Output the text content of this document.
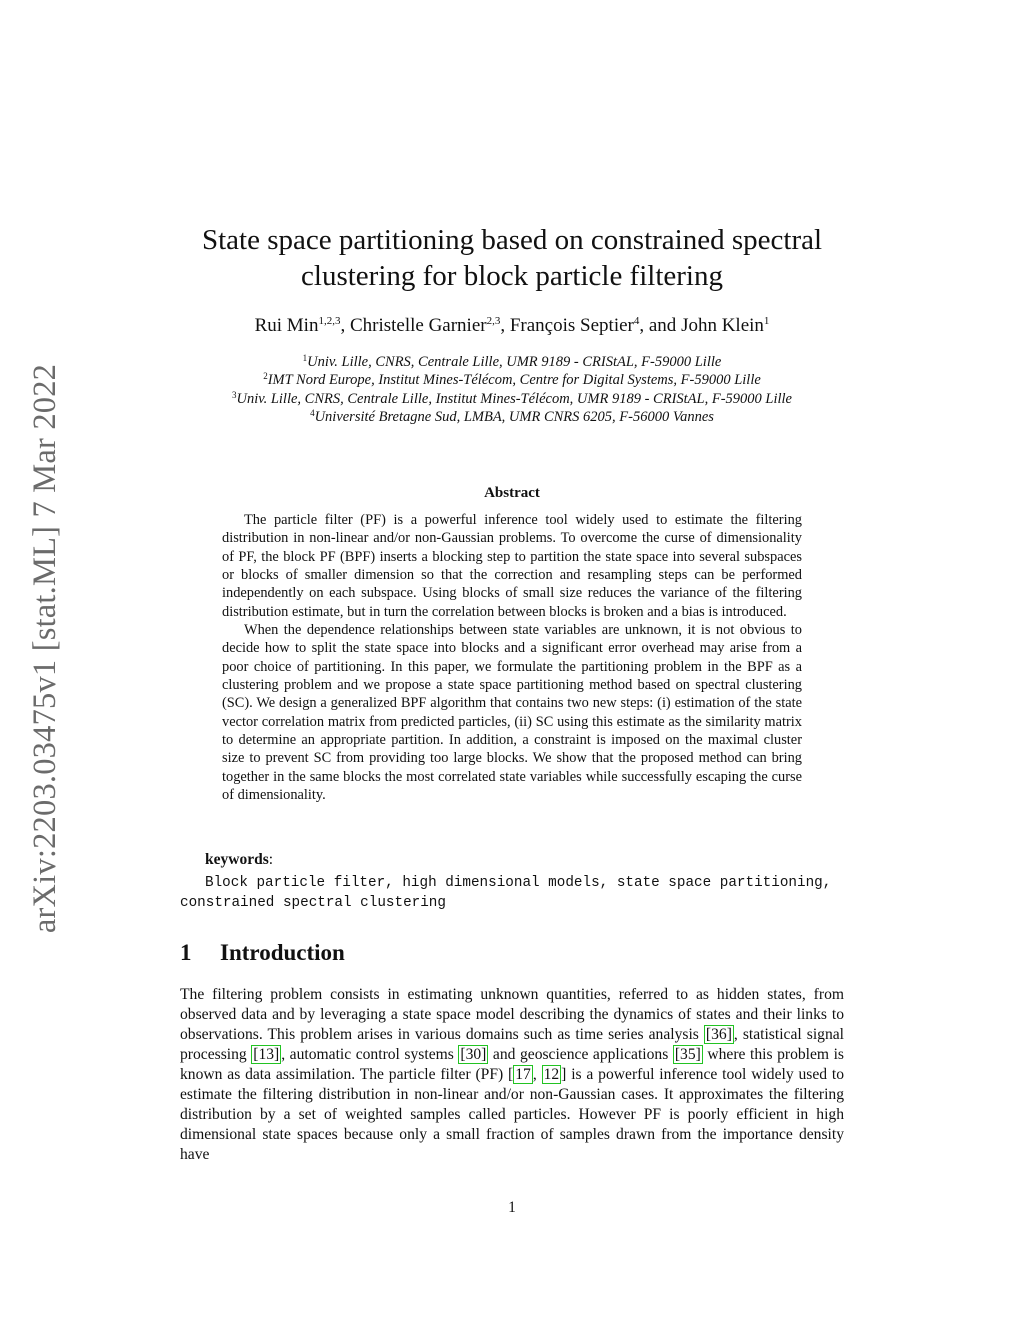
arXiv:2203.03475v1 [stat.ML] 7 Mar 2022
State space partitioning based on constrained spectral clustering for block particle filtering
Rui Min$^{1,2,3}$, Christelle Garnier$^{2,3}$, François Septier$^4$, and John Klein$^1$
$^1$Univ. Lille, CNRS, Centrale Lille, UMR 9189 - CRIStAL, F-59000 Lille
$^2$IMT Nord Europe, Institut Mines-Télécom, Centre for Digital Systems, F-59000 Lille
$^3$Univ. Lille, CNRS, Centrale Lille, Institut Mines-Télécom, UMR 9189 - CRIStAL, F-59000 Lille
$^4$Université Bretagne Sud, LMBA, UMR CNRS 6205, F-56000 Vannes
Abstract

The particle filter (PF) is a powerful inference tool widely used to estimate the filtering distribution in non-linear and/or non-Gaussian problems. To overcome the curse of dimensionality of PF, the block PF (BPF) inserts a blocking step to partition the state space into several subspaces or blocks of smaller dimension so that the correction and resampling steps can be performed independently on each subspace. Using blocks of small size reduces the variance of the filtering distribution estimate, but in turn the correlation between blocks is broken and a bias is introduced.

When the dependence relationships between state variables are unknown, it is not obvious to decide how to split the state space into blocks and a significant error overhead may arise from a poor choice of partitioning. In this paper, we formulate the partitioning problem in the BPF as a clustering problem and we propose a state space partitioning method based on spectral clustering (SC). We design a generalized BPF algorithm that contains two new steps: (i) estimation of the state vector correlation matrix from predicted particles, (ii) SC using this estimate as the similarity matrix to determine an appropriate partition. In addition, a constraint is imposed on the maximal cluster size to prevent SC from providing too large blocks. We show that the proposed method can bring together in the same blocks the most correlated state variables while successfully escaping the curse of dimensionality.

keywords:
Block particle filter, high dimensional models, state space partitioning, constrained spectral clustering
1 Introduction

The filtering problem consists in estimating unknown quantities, referred to as hidden states, from observed data and by leveraging a state space model describing the dynamics of states and their links to observations. This problem arises in various domains such as time series analysis [36] , statistical signal processing [13] , automatic control systems [30] and geoscience applications [35] where this problem is known as data assimilation. The particle filter (PF) [ 17 , 12 ] is a powerful inference tool widely used to estimate the filtering distribution in non-linear and/or non-Gaussian cases. It approximates the filtering distribution by a set of weighted samples called particles. However PF is poorly efficient in high dimensional state spaces because only a small fraction of samples drawn from the importance density have

1
